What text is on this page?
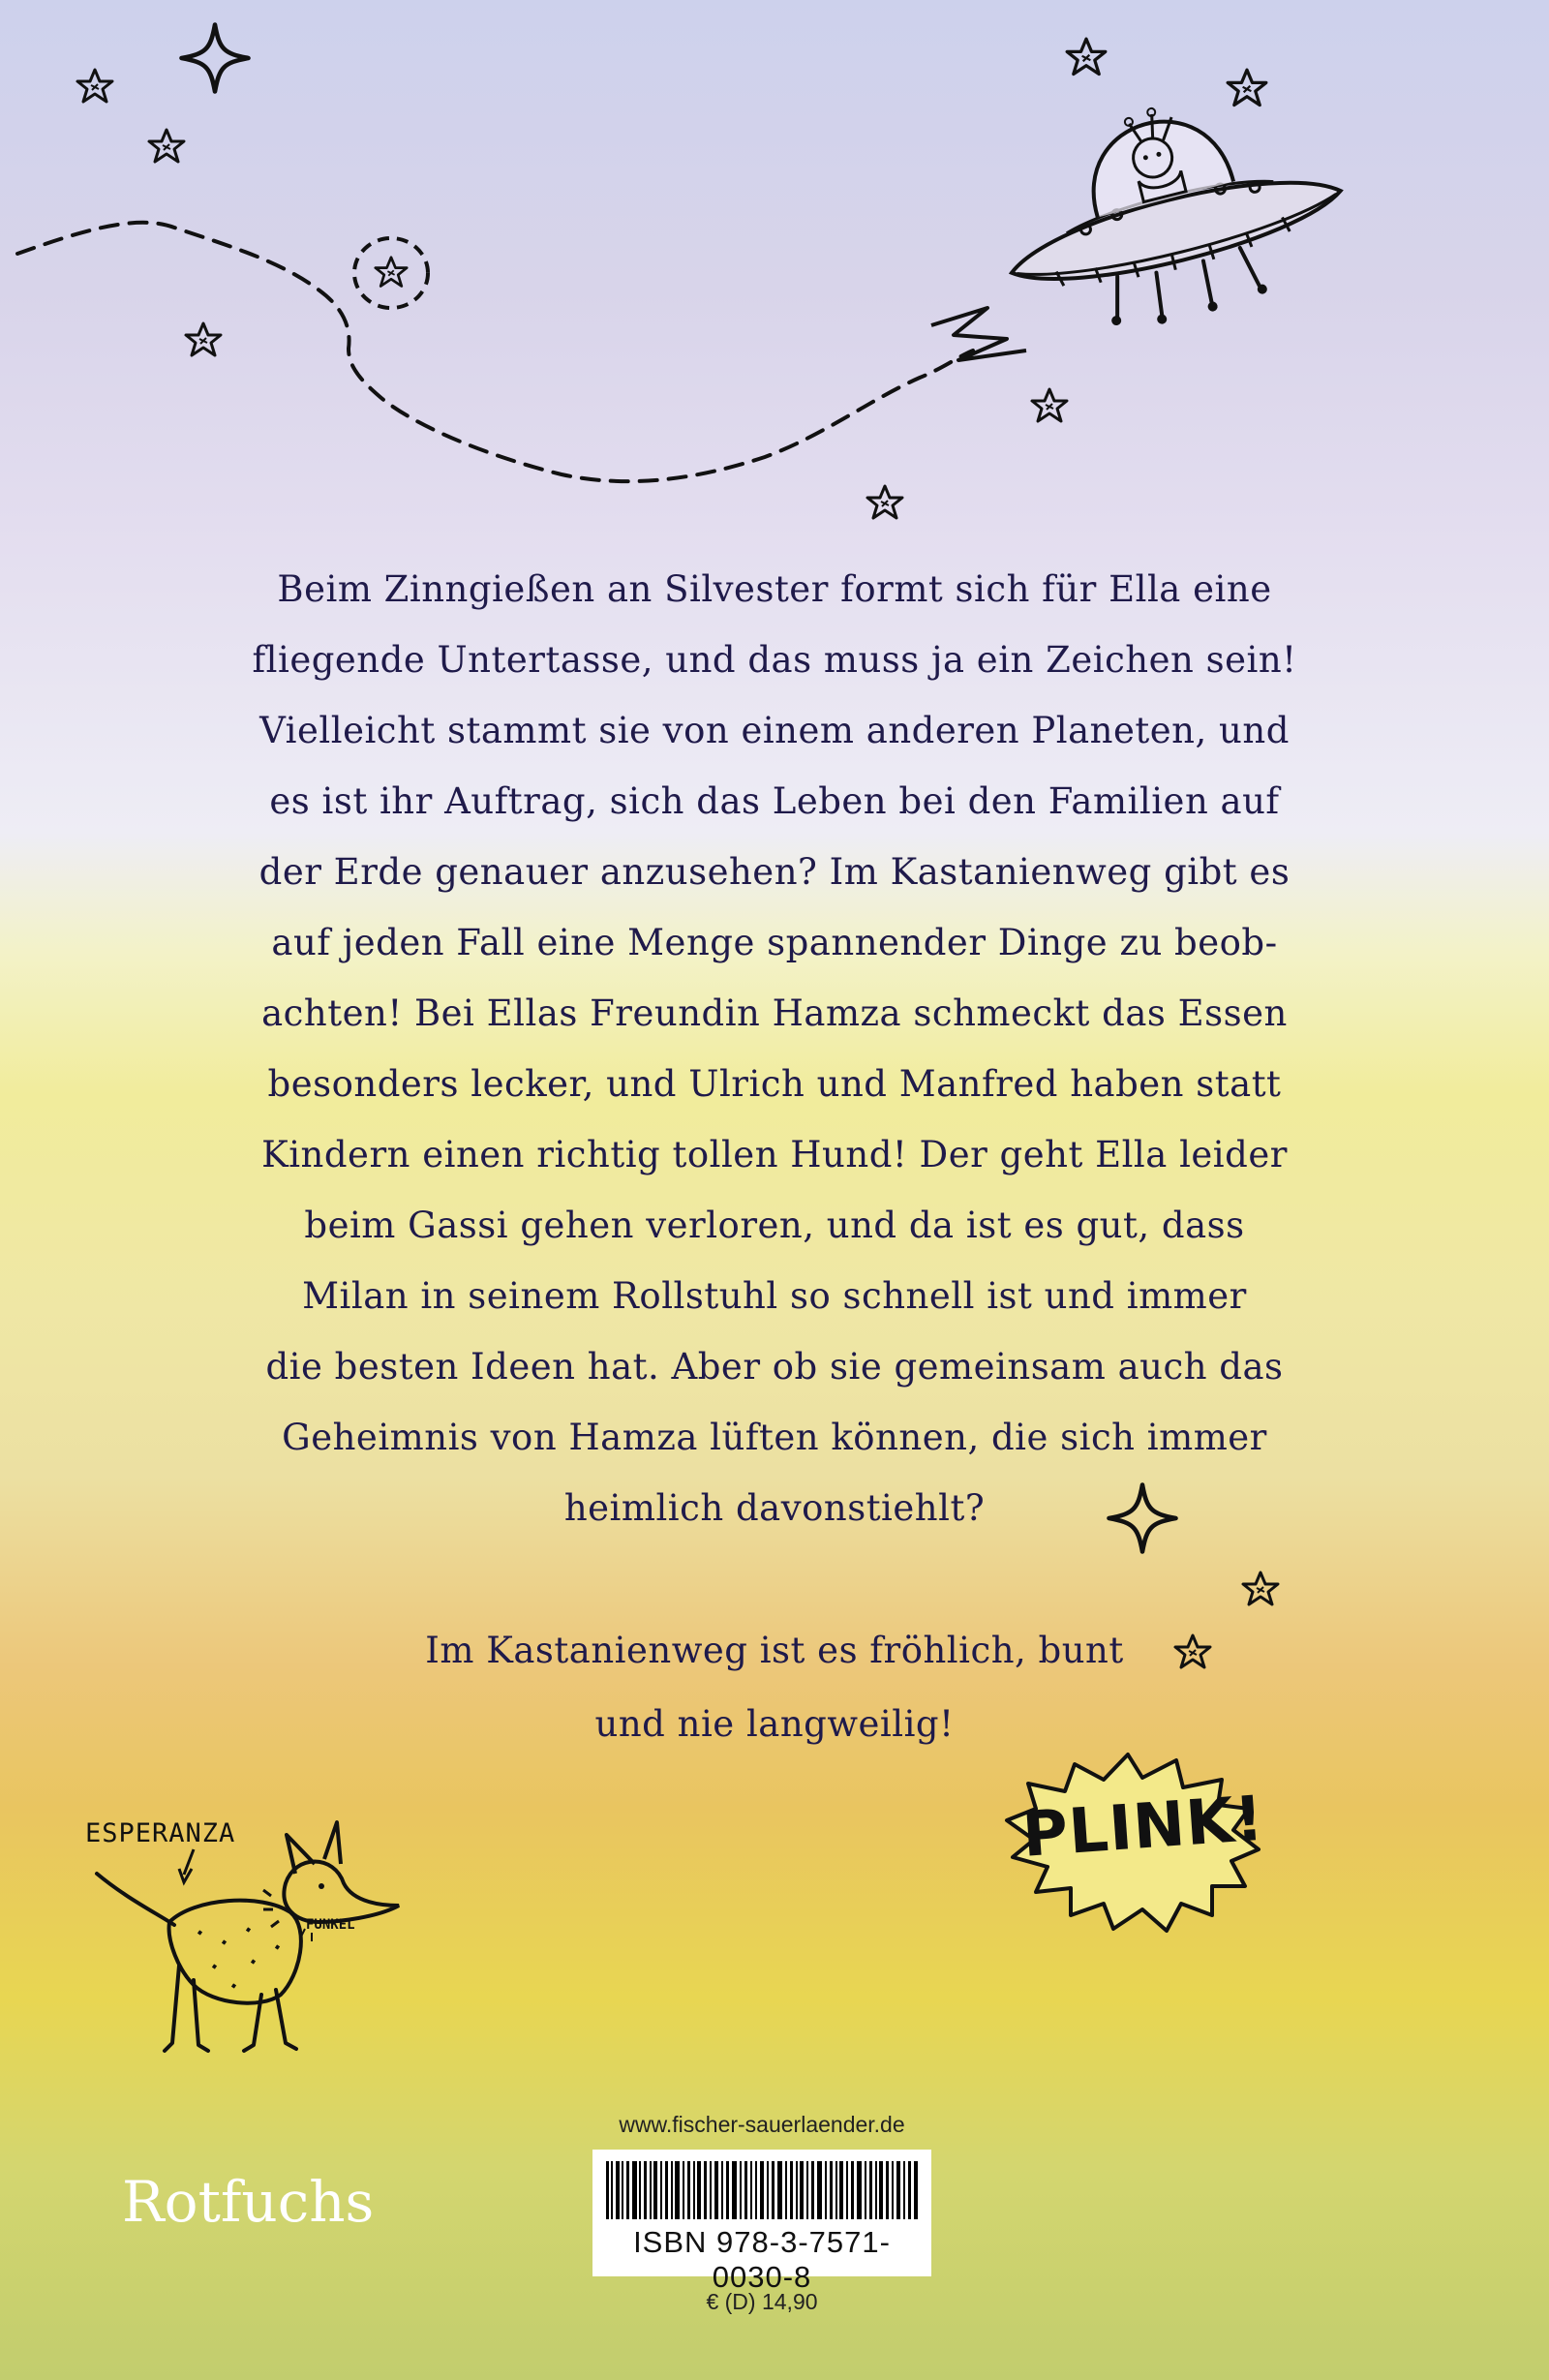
Beim Zinngießen an Silvester formt sich für Ella eine

fliegende Untertasse, und das muss ja ein Zeichen sein!

Vielleicht stammt sie von einem anderen Planeten, und

es ist ihr Auftrag, sich das Leben bei den Familien auf

der Erde genauer anzusehen? Im Kastanienweg gibt es

auf jeden Fall eine Menge spannender Dinge zu beob-

achten! Bei Ellas Freundin Hamza schmeckt das Essen

besonders lecker, und Ulrich und Manfred haben statt

Kindern einen richtig tollen Hund! Der geht Ella leider

beim Gassi gehen verloren, und da ist es gut, dass

Milan in seinem Rollstuhl so schnell ist und immer

die besten Ideen hat. Aber ob sie gemeinsam auch das

Geheimnis von Hamza lüften können, die sich immer

heimlich davonstiehlt?

Im Kastanienweg ist es fröhlich, bunt

und nie langweilig!

ESPERANZA
FUNKEL
PLINK!
Rotfuchs
www.fischer-sauerlaender.de
ISBN 978-3-7571-0030-8
€ (D) 14,90
